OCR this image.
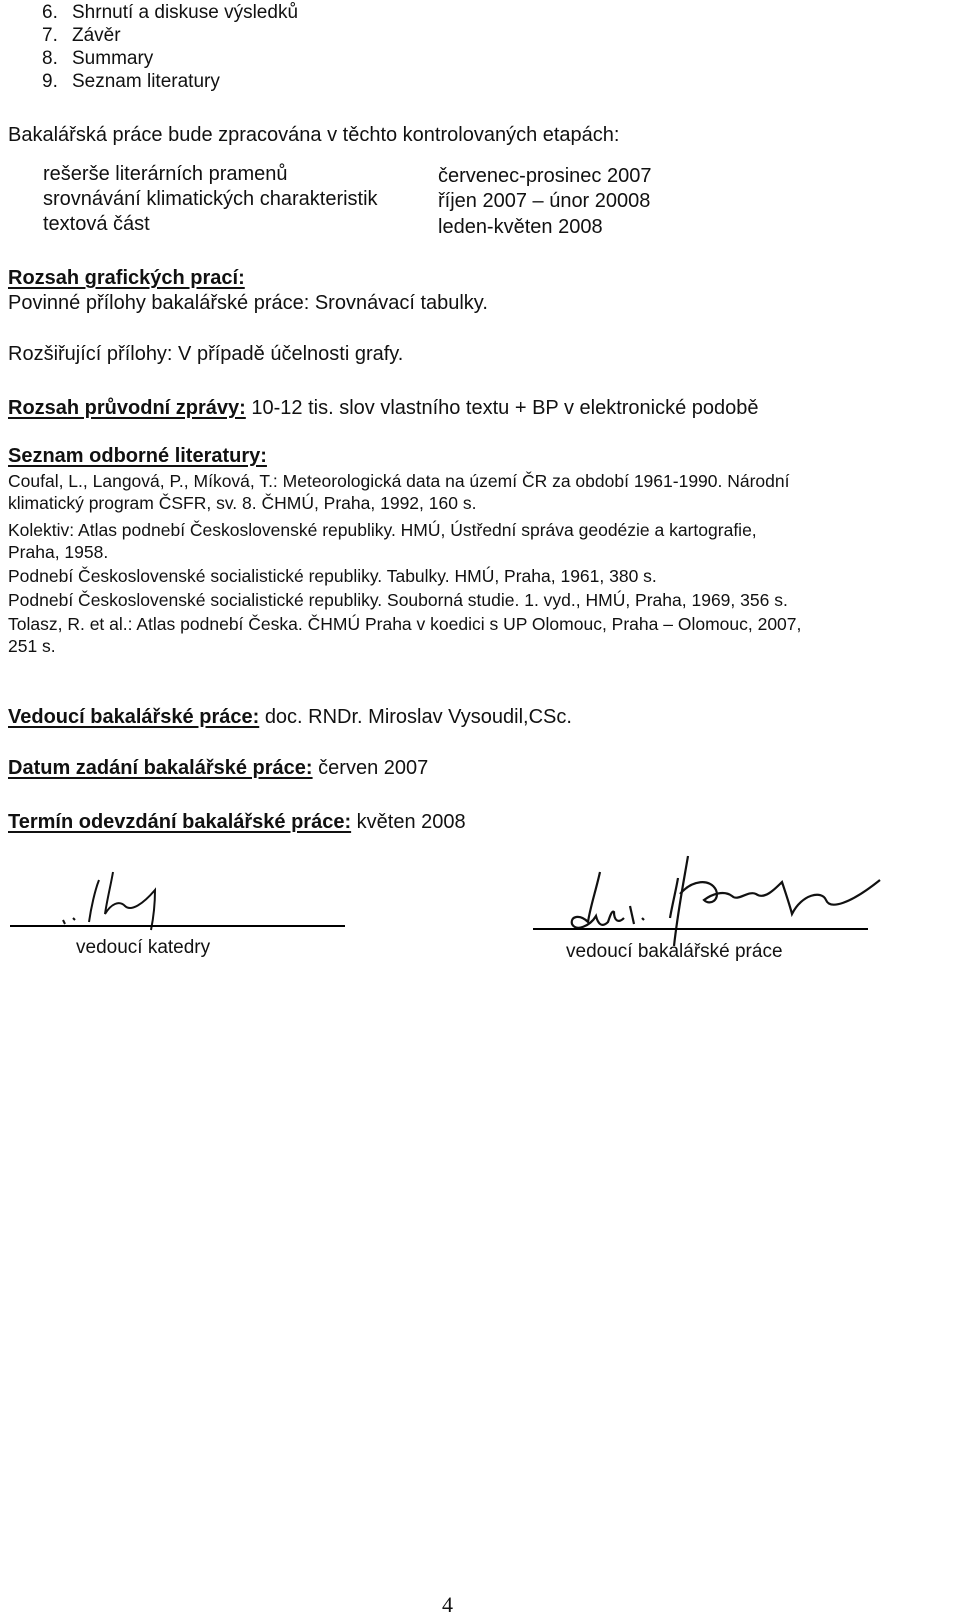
6. Shrnutí a diskuse výsledků
7. Závěr
8. Summary
9. Seznam literatury
Bakalářská práce bude zpracována v těchto kontrolovaných etapách:
rešerše literárních pramenů	červenec-prosinec 2007
srovnávání klimatických charakteristik	říjen 2007 – únor 20008
textová část	leden-květen 2008
Rozsah grafických prací:
Povinné přílohy bakalářské práce: Srovnávací tabulky.
Rozšiřující přílohy: V případě účelnosti grafy.
Rozsah průvodní zprávy: 10-12 tis. slov vlastního textu + BP v elektronické podobě
Seznam odborné literatury:
Coufal, L., Langová, P., Míková, T.: Meteorologická data na území ČR za období 1961-1990. Národní
klimatický program ČSFR, sv. 8. ČHMÚ, Praha, 1992, 160 s.
Kolektiv: Atlas podnebí Československé republiky. HMÚ, Ústřední správa geodézie a kartografie,
Praha, 1958.
Podnebí Československé socialistické republiky. Tabulky. HMÚ, Praha, 1961, 380 s.
Podnebí Československé socialistické republiky. Souborná studie. 1. vyd., HMÚ, Praha, 1969, 356 s.
Tolasz, R. et al.: Atlas podnebí Česka. ČHMÚ Praha v koedici s UP Olomouc, Praha – Olomouc, 2007,
251 s.
Vedoucí bakalářské práce: doc. RNDr. Miroslav Vysoudil,CSc.
Datum zadání bakalářské práce: červen 2007
Termín odevzdání bakalářské práce: květen 2008
vedoucí katedry	vedoucí bakalářské práce
4
